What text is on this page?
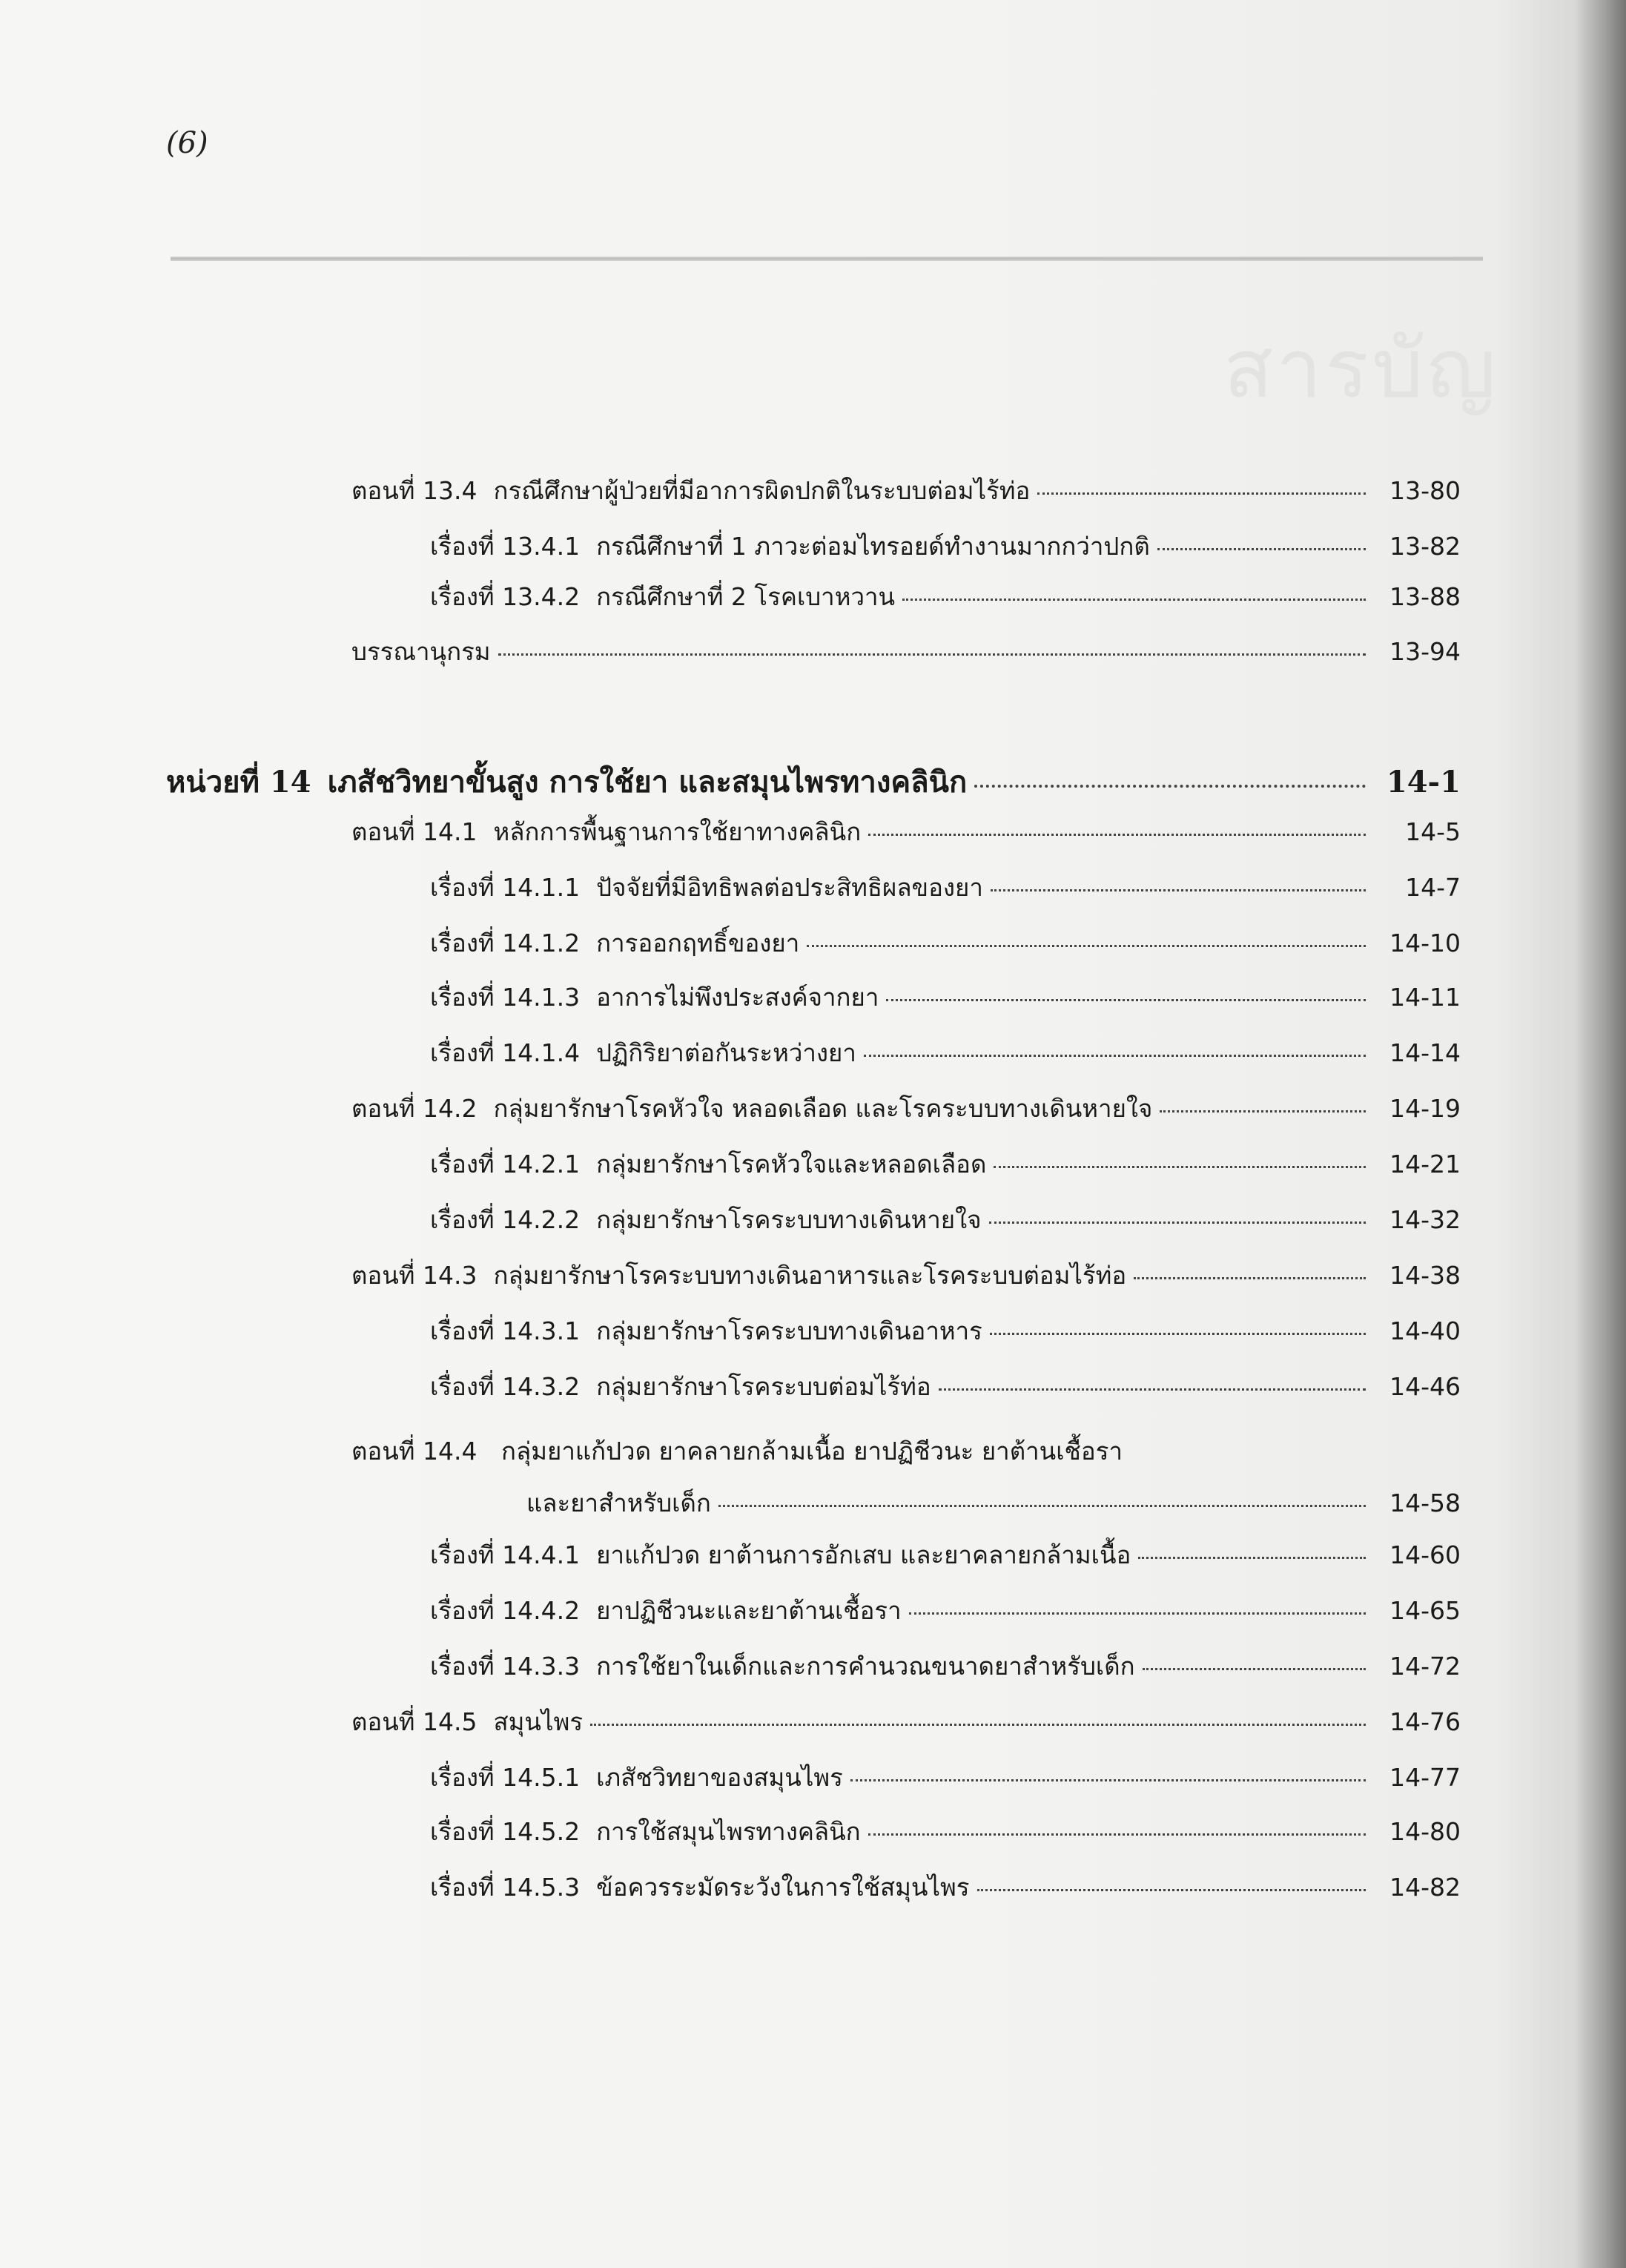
(6)
สารบัญ
ตอนที่ 13.4 กรณีศึกษาผู้ป่วยที่มีอาการผิดปกติในระบบต่อมไร้ท่อ	13-80
เรื่องที่ 13.4.1 กรณีศึกษาที่ 1 ภาวะต่อมไทรอยด์ทำงานมากกว่าปกติ	13-82
เรื่องที่ 13.4.2 กรณีศึกษาที่ 2 โรคเบาหวาน	13-88
บรรณานุกรม	13-94
หน่วยที่ 14 เภสัชวิทยาขั้นสูง การใช้ยา และสมุนไพรทางคลินิก	14-1
ตอนที่ 14.1 หลักการพื้นฐานการใช้ยาทางคลินิก	14-5
เรื่องที่ 14.1.1 ปัจจัยที่มีอิทธิพลต่อประสิทธิผลของยา	14-7
เรื่องที่ 14.1.2 การออกฤทธิ์ของยา	14-10
เรื่องที่ 14.1.3 อาการไม่พึงประสงค์จากยา	14-11
เรื่องที่ 14.1.4 ปฏิกิริยาต่อกันระหว่างยา	14-14
ตอนที่ 14.2 กลุ่มยารักษาโรคหัวใจ หลอดเลือด และโรคระบบทางเดินหายใจ	14-19
เรื่องที่ 14.2.1 กลุ่มยารักษาโรคหัวใจและหลอดเลือด	14-21
เรื่องที่ 14.2.2 กลุ่มยารักษาโรคระบบทางเดินหายใจ	14-32
ตอนที่ 14.3 กลุ่มยารักษาโรคระบบทางเดินอาหารและโรคระบบต่อมไร้ท่อ	14-38
เรื่องที่ 14.3.1 กลุ่มยารักษาโรคระบบทางเดินอาหาร	14-40
เรื่องที่ 14.3.2 กลุ่มยารักษาโรคระบบต่อมไร้ท่อ	14-46
ตอนที่ 14.4 กลุ่มยาแก้ปวด ยาคลายกล้ามเนื้อ ยาปฏิชีวนะ ยาต้านเชื้อรา
และยาสำหรับเด็ก	14-58
เรื่องที่ 14.4.1 ยาแก้ปวด ยาต้านการอักเสบ และยาคลายกล้ามเนื้อ	14-60
เรื่องที่ 14.4.2 ยาปฏิชีวนะและยาต้านเชื้อรา	14-65
เรื่องที่ 14.3.3 การใช้ยาในเด็กและการคำนวณขนาดยาสำหรับเด็ก	14-72
ตอนที่ 14.5 สมุนไพร	14-76
เรื่องที่ 14.5.1 เภสัชวิทยาของสมุนไพร	14-77
เรื่องที่ 14.5.2 การใช้สมุนไพรทางคลินิก	14-80
เรื่องที่ 14.5.3 ข้อควรระมัดระวังในการใช้สมุนไพร	14-82
